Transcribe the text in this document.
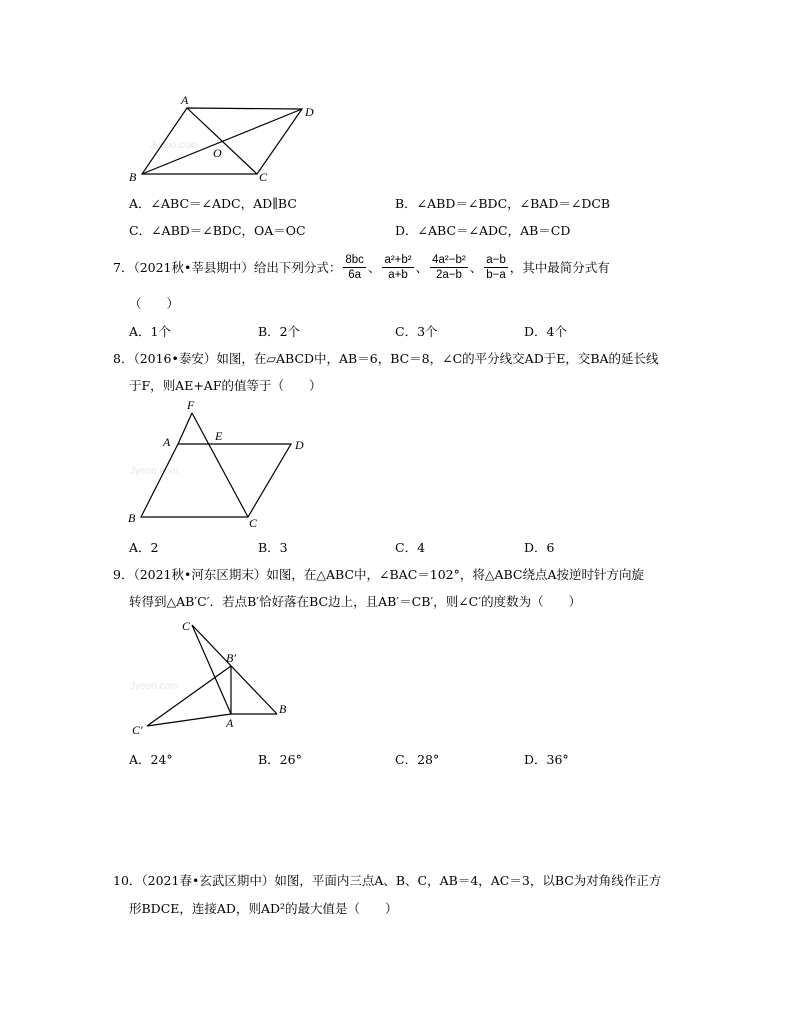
Jyeoo.com
A
D
O
B	C
A．∠ABC＝∠ADC，AD∥BC	B．∠ABD＝∠BDC，∠BAD＝∠DCB
C．∠ABD＝∠BDC，OA＝OC	D．∠ABC＝∠ADC，AB＝CD
7．（2021秋•莘县期中）给出下列分式： $\frac{8bc}{6a}$ 、 $\frac{\text{a²+b²}}{a+b}$ 、 $\frac{\text{4a²−b²}}{2a-b}$ 、 $\frac{a-b}{b-a}$ ，其中最简分式有
（　　）
A．1个	B．2个	C．3个	D．4个
8．（2016•泰安）如图，在▱ABCD中，AB＝6，BC＝8，∠C的平分线交AD于E，交BA的延长线
于F，则AE+AF的值等于（　　）
Jyeoo.com
F
A	E
D
B	C
A．2	B．3	C．4	D．6
9．（2021秋•河东区期末）如图，在△ABC中，∠BAC＝102°，将△ABC绕点A按逆时针方向旋
转得到△AB′C′．若点B′恰好落在BC边上，且AB′＝CB′，则∠C′的度数为（　　）
Jyeoo.com
C
B′
B
A
C′
A．24°	B．26°	C．28°	D．36°
10．（2021春•玄武区期中）如图，平面内三点A、B、C，AB＝4，AC＝3，以BC为对角线作正方
形BDCE，连接AD，则AD²的最大值是（　　）
